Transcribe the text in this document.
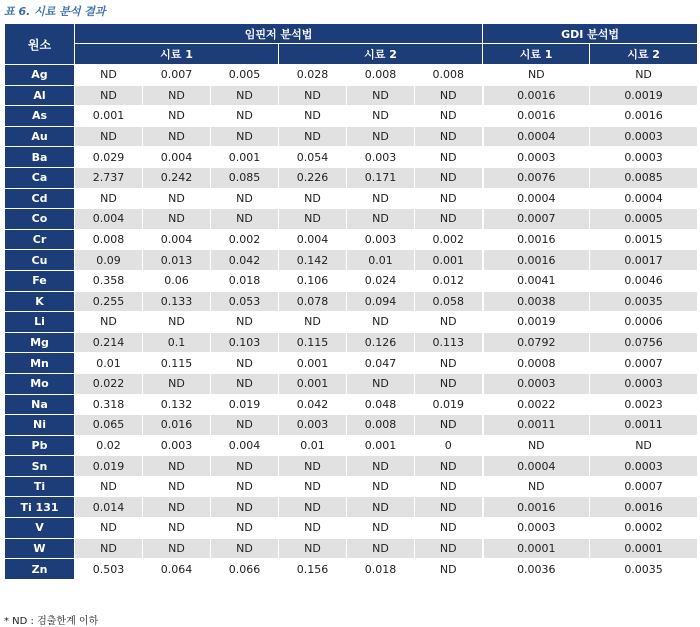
표 6. 시료 분석 결과
원소	임핀저 분석법						GDI 분석법	
	시료 1			시료 2			시료 1	시료 2
Ag	ND	0.007	0.005	0.028	0.008	0.008	ND	ND
Al	ND	ND	ND	ND	ND	ND	0.0016	0.0019
As	0.001	ND	ND	ND	ND	ND	0.0016	0.0016
Au	ND	ND	ND	ND	ND	ND	0.0004	0.0003
Ba	0.029	0.004	0.001	0.054	0.003	ND	0.0003	0.0003
Ca	2.737	0.242	0.085	0.226	0.171	ND	0.0076	0.0085
Cd	ND	ND	ND	ND	ND	ND	0.0004	0.0004
Co	0.004	ND	ND	ND	ND	ND	0.0007	0.0005
Cr	0.008	0.004	0.002	0.004	0.003	0.002	0.0016	0.0015
Cu	0.09	0.013	0.042	0.142	0.01	0.001	0.0016	0.0017
Fe	0.358	0.06	0.018	0.106	0.024	0.012	0.0041	0.0046
K	0.255	0.133	0.053	0.078	0.094	0.058	0.0038	0.0035
Li	ND	ND	ND	ND	ND	ND	0.0019	0.0006
Mg	0.214	0.1	0.103	0.115	0.126	0.113	0.0792	0.0756
Mn	0.01	0.115	ND	0.001	0.047	ND	0.0008	0.0007
Mo	0.022	ND	ND	0.001	ND	ND	0.0003	0.0003
Na	0.318	0.132	0.019	0.042	0.048	0.019	0.0022	0.0023
Ni	0.065	0.016	ND	0.003	0.008	ND	0.0011	0.0011
Pb	0.02	0.003	0.004	0.01	0.001	0	ND	ND
Sn	0.019	ND	ND	ND	ND	ND	0.0004	0.0003
Ti	ND	ND	ND	ND	ND	ND	ND	0.0007
Ti 131	0.014	ND	ND	ND	ND	ND	0.0016	0.0016
V	ND	ND	ND	ND	ND	ND	0.0003	0.0002
W	ND	ND	ND	ND	ND	ND	0.0001	0.0001
Zn	0.503	0.064	0.066	0.156	0.018	ND	0.0036	0.0035
* ND : 검출한계 이하
